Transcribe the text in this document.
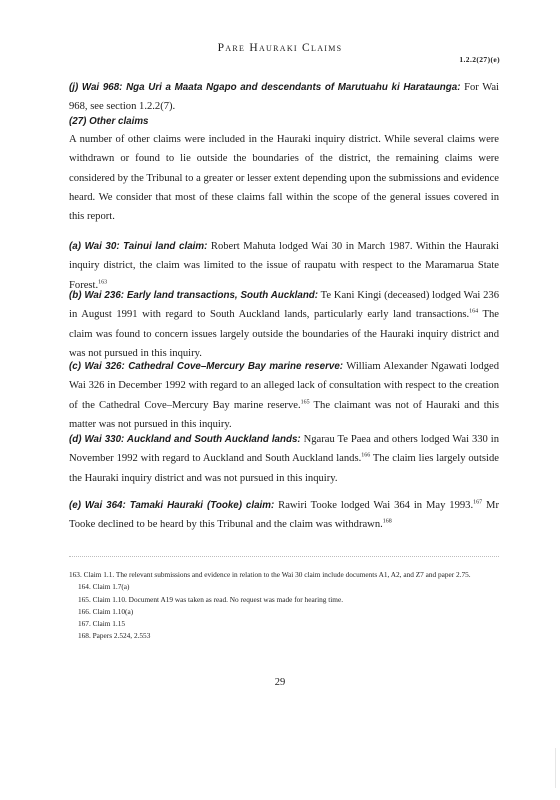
Pare Hauraki Claims
1.2.2(27)(e)

(j) Wai 968: Nga Uri a Maata Ngapo and descendants of Marutuahu ki Harataunga: For Wai 968, see section 1.2.2(7).

(27) Other claims

A number of other claims were included in the Hauraki inquiry district. While several claims were withdrawn or found to lie outside the boundaries of the district, the remaining claims were considered by the Tribunal to a greater or lesser extent depending upon the submissions and evidence heard. We consider that most of these claims fall within the scope of the general issues covered in this report.

(a) Wai 30: Tainui land claim: Robert Mahuta lodged Wai 30 in March 1987. Within the Hauraki inquiry district, the claim was limited to the issue of raupatu with respect to the Maramarua State Forest.$^{163}$

(b) Wai 236: Early land transactions, South Auckland: Te Kani Kingi (deceased) lodged Wai 236 in August 1991 with regard to South Auckland lands, particularly early land transactions.$^{164}$ The claim was found to concern issues largely outside the boundaries of the Hauraki inquiry district and was not pursued in this inquiry.

(c) Wai 326: Cathedral Cove–Mercury Bay marine reserve: William Alexander Ngawati lodged Wai 326 in December 1992 with regard to an alleged lack of consultation with respect to the creation of the Cathedral Cove–Mercury Bay marine reserve.$^{165}$ The claimant was not of Hauraki and this matter was not pursued in this inquiry.

(d) Wai 330: Auckland and South Auckland lands: Ngarau Te Paea and others lodged Wai 330 in November 1992 with regard to Auckland and South Auckland lands.$^{166}$ The claim lies largely outside the Hauraki inquiry district and was not pursued in this inquiry.

(e) Wai 364: Tamaki Hauraki (Tooke) claim: Rawiri Tooke lodged Wai 364 in May 1993.$^{167}$ Mr Tooke declined to be heard by this Tribunal and the claim was withdrawn.$^{168}$

163. Claim 1.1. The relevant submissions and evidence in relation to the Wai 30 claim include documents A1, A2, and Z7 and paper 2.75.

164. Claim 1.7(a)

165. Claim 1.10. Document A19 was taken as read. No request was made for hearing time.

166. Claim 1.10(a)

167. Claim 1.15

168. Papers 2.524, 2.553

29
